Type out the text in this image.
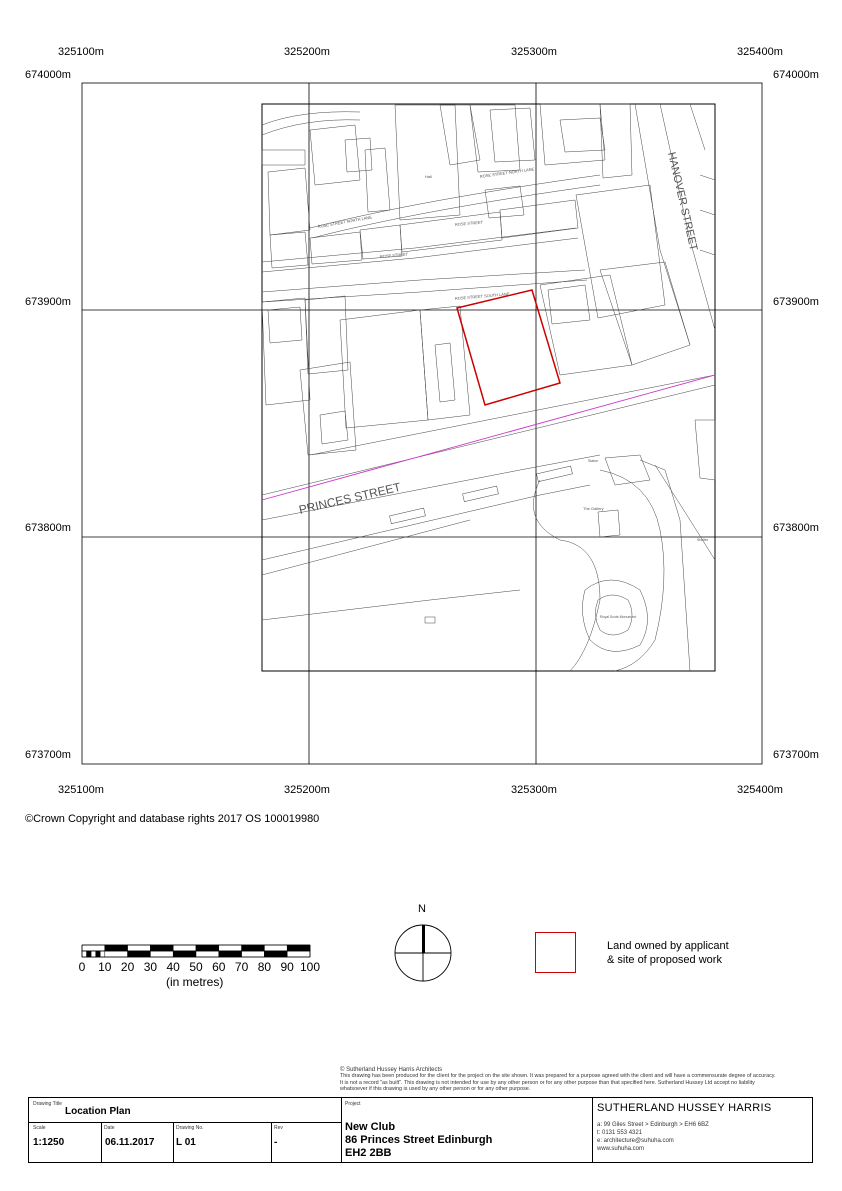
325100m	325200m	325300m	325400m
325100m	325200m	325300m	325400m
674000m
673900m
673800m
673700m
674000m
673900m
673800m
673700m
PRINCES STREET
HANOVER STREET
ROSE STREET
ROSE STREET
ROSE STREET NORTH LANE
ROSE STREET NORTH LANE
ROSE STREET SOUTH LANE
Hall
The Gallery
Royal Scots Monument
Statue
Shelter
©Crown Copyright and database rights 2017 OS 100019980
0	10 20 30 40 50 60 70 80 90 100
(in metres)
N
Land owned by applicant
& site of proposed work
© Sutherland Hussey Harris Architects
This drawing has been produced for the client for the project on the site shown. It was prepared for a purpose agreed with the client and will have a commensurate degree of accuracy.
It is not a record "as built". This drawing is not intended for use by any other person or for any other purpose than that specified here. Sutherland Hussey Ltd accept no liability
whatsoever if this drawing is used by any other person or for any other purpose.
Drawing Title
Location Plan
Scale
1:1250
Date
06.11.2017
Drawing No.
L 01
Rev
-
Project
New Club
86 Princes Street Edinburgh
EH2 2BB
SUTHERLAND HUSSEY HARRIS
a: 99 Giles Street > Edinburgh > EH6 6BZ
t: 0131 553 4321
e: architecture@suhuha.com
www.suhuha.com
